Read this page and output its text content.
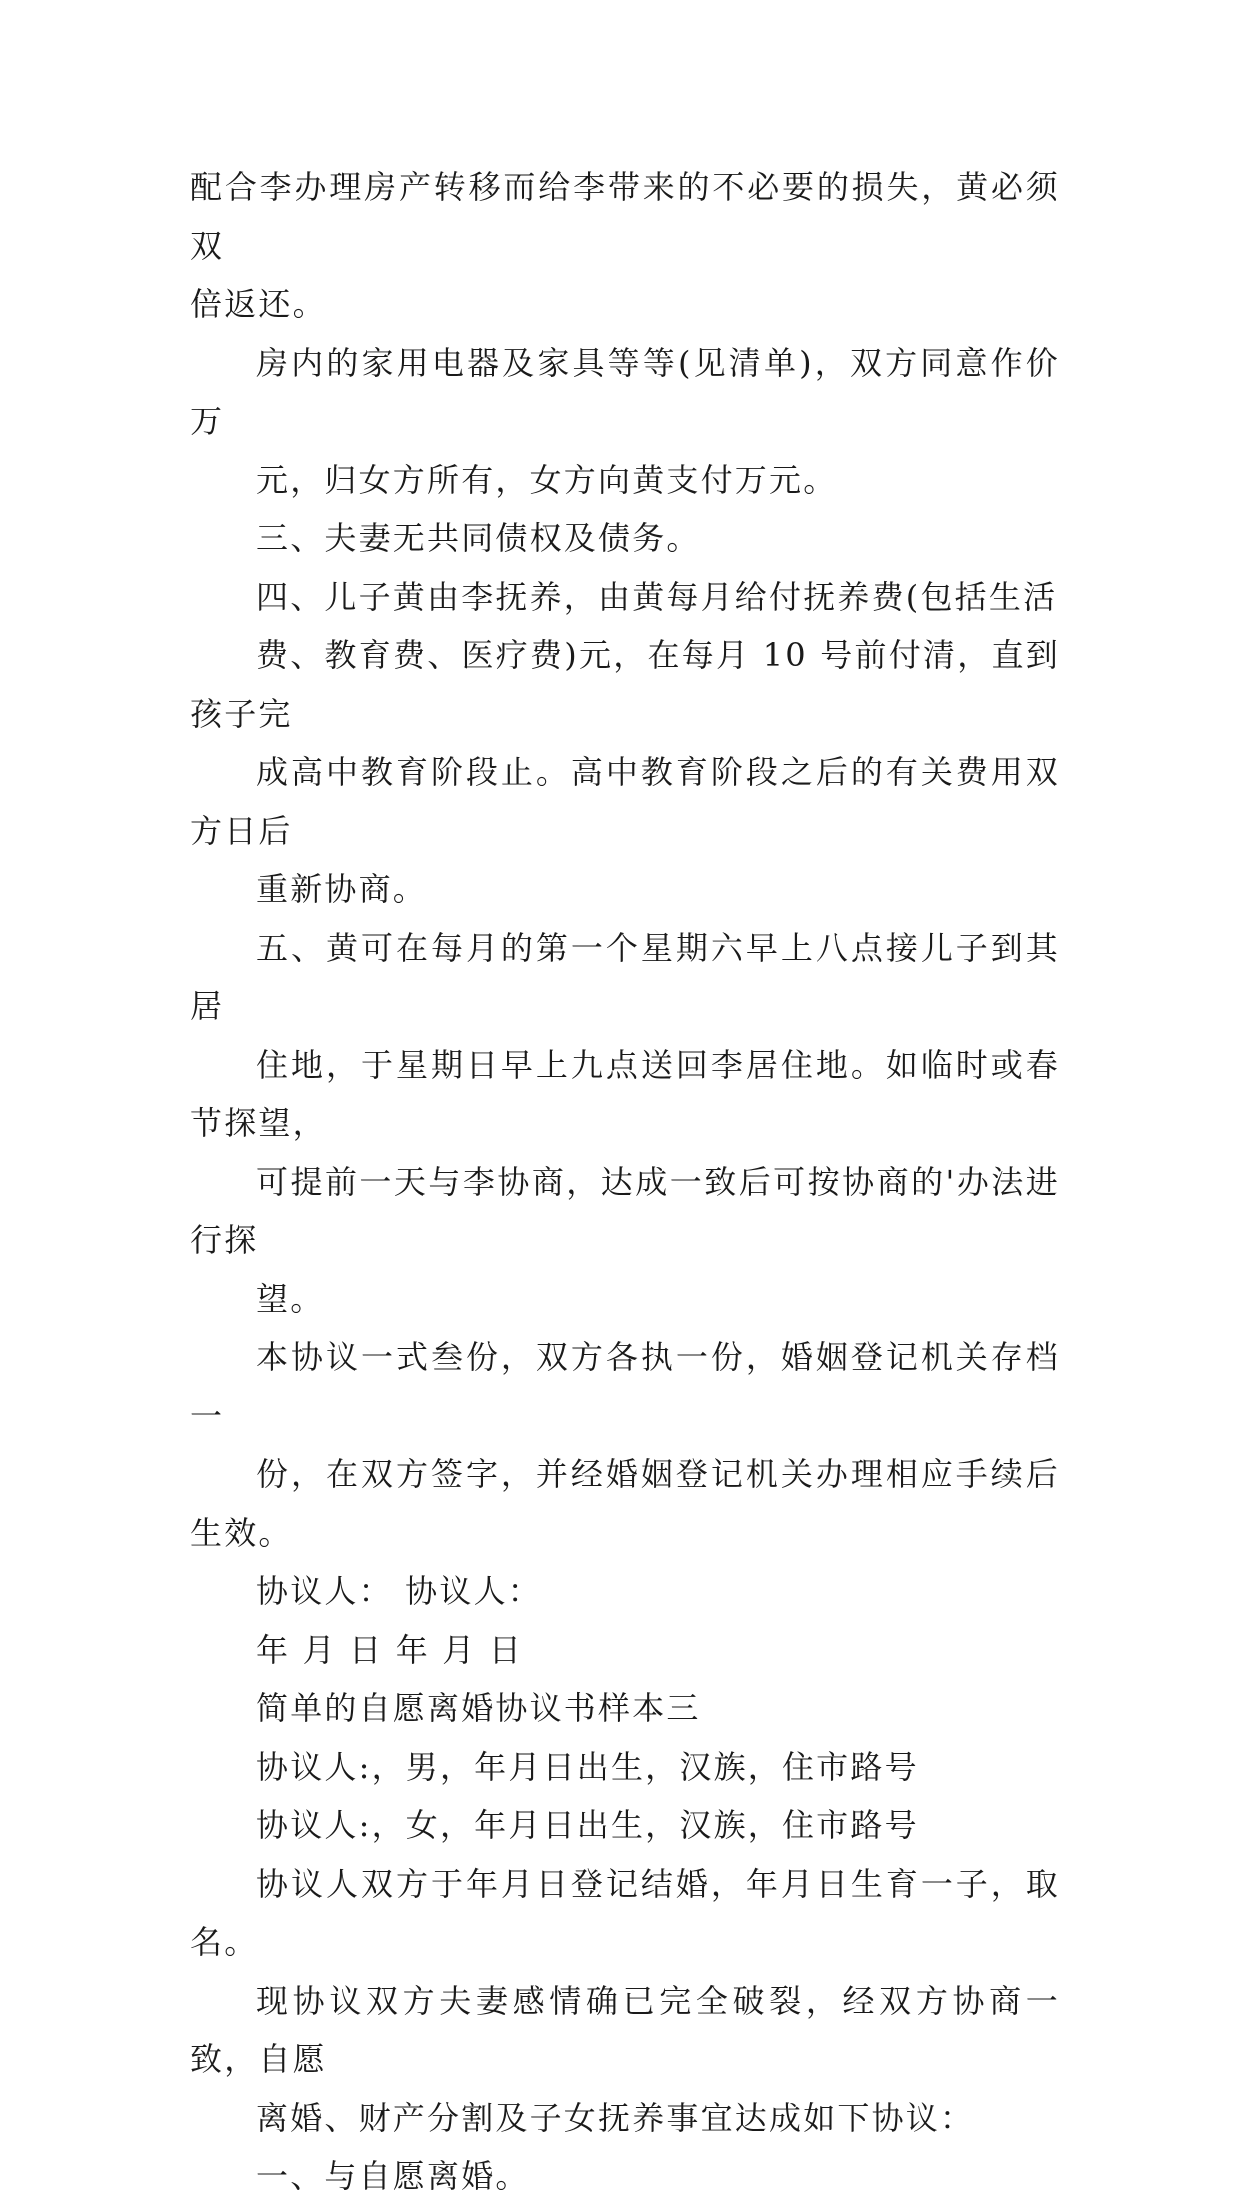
配合李办理房产转移而给李带来的不必要的损失，黄必须双
倍返还。

房内的家用电器及家具等等(见清单)，双方同意作价万
元，归女方所有，女方向黄支付万元。

三、夫妻无共同债权及债务。

四、儿子黄由李抚养，由黄每月给付抚养费(包括生活
费、教育费、医疗费)元，在每月 10 号前付清，直到孩子完
成高中教育阶段止。高中教育阶段之后的有关费用双方日后
重新协商。

五、黄可在每月的第一个星期六早上八点接儿子到其居
住地，于星期日早上九点送回李居住地。如临时或春节探望，
可提前一天与李协商，达成一致后可按协商的'办法进行探
望。

本协议一式叁份，双方各执一份，婚姻登记机关存档一
份，在双方签字，并经婚姻登记机关办理相应手续后生效。

协议人： 协议人：

年 月 日 年 月 日

简单的自愿离婚协议书样本三

协议人:，男，年月日出生，汉族，住市路号

协议人:，女，年月日出生，汉族，住市路号

协议人双方于年月日登记结婚，年月日生育一子，取名。
现协议双方夫妻感情确已完全破裂，经双方协商一致，自愿
离婚、财产分割及子女抚养事宜达成如下协议：

一、与自愿离婚。
